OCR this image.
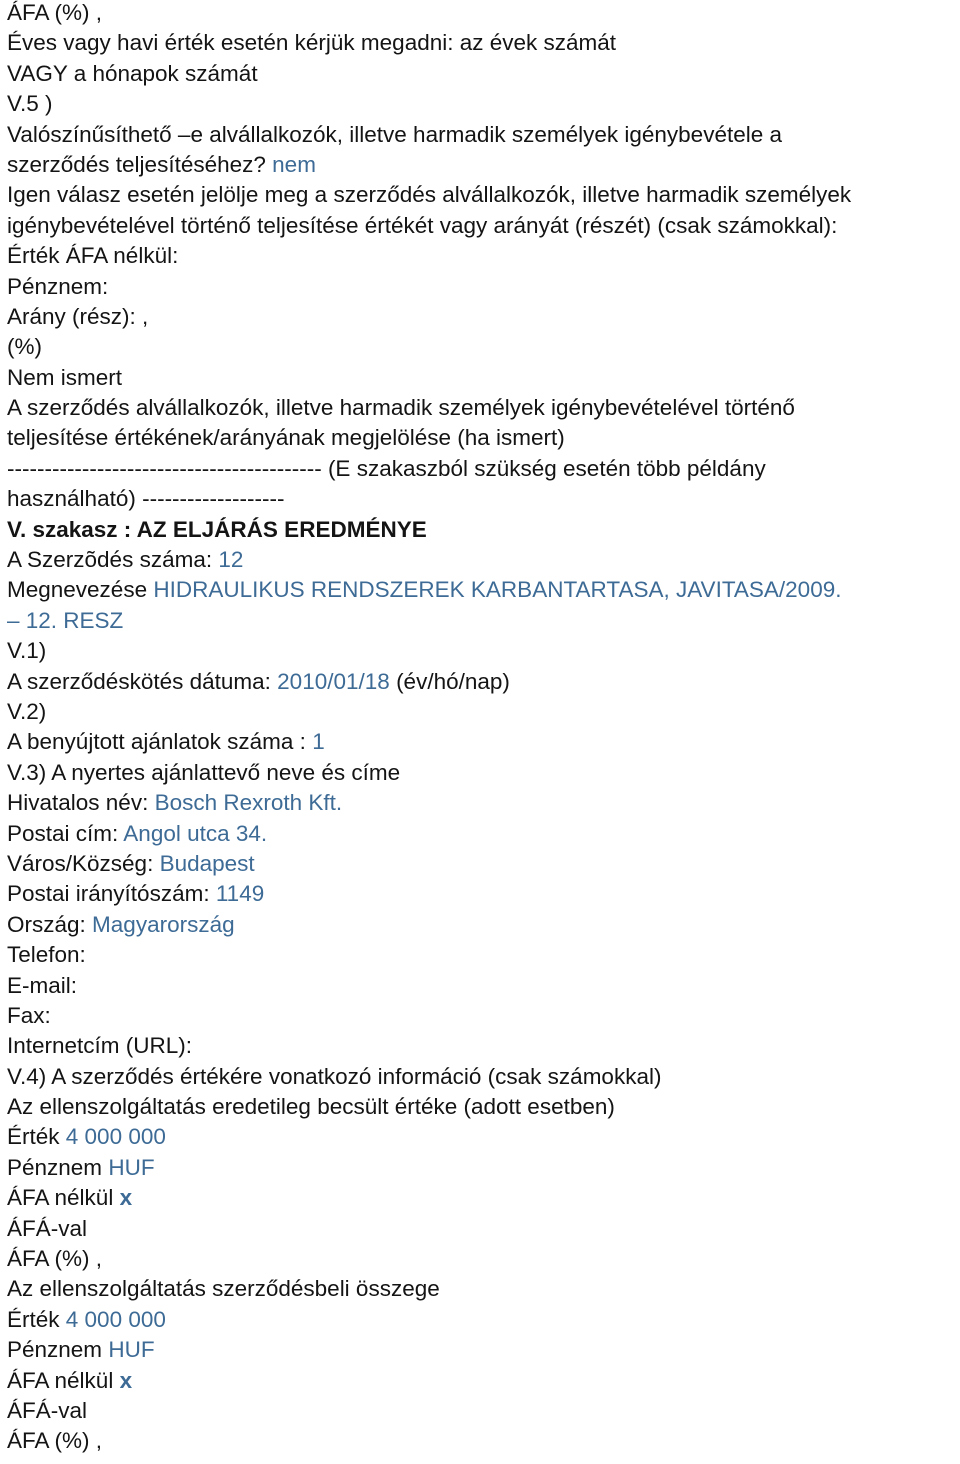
ÁFA (%) ,
Éves vagy havi érték esetén kérjük megadni: az évek számát
VAGY a hónapok számát
V.5 )
Valószínűsíthető –e alvállalkozók, illetve harmadik személyek igénybevétele a
szerződés teljesítéséhez? nem
Igen válasz esetén jelölje meg a szerződés alvállalkozók, illetve harmadik személyek
igénybevételével történő teljesítése értékét vagy arányát (részét) (csak számokkal):
Érték ÁFA nélkül:
Pénznem:
Arány (rész): ,
(%)
Nem ismert
A szerződés alvállalkozók, illetve harmadik személyek igénybevételével történő
teljesítése értékének/arányának megjelölése (ha ismert)
------------------------------------------ (E szakaszból szükség esetén több példány
használható) -------------------
V. szakasz : AZ ELJÁRÁS EREDMÉNYE
A Szerzõdés száma: 12
Megnevezése HIDRAULIKUS RENDSZEREK KARBANTARTASA, JAVITASA/2009.
– 12. RESZ
V.1)
A szerződéskötés dátuma: 2010/01/18 (év/hó/nap)
V.2)
A benyújtott ajánlatok száma : 1
V.3) A nyertes ajánlattevő neve és címe
Hivatalos név: Bosch Rexroth Kft.
Postai cím: Angol utca 34.
Város/Község: Budapest
Postai irányítószám: 1149
Ország: Magyarország
Telefon:
E-mail:
Fax:
Internetcím (URL):
V.4) A szerződés értékére vonatkozó információ (csak számokkal)
Az ellenszolgáltatás eredetileg becsült értéke (adott esetben)
Érték 4 000 000
Pénznem HUF
ÁFA nélkül x
ÁFÁ-val
ÁFA (%) ,
Az ellenszolgáltatás szerződésbeli összege
Érték 4 000 000
Pénznem HUF
ÁFA nélkül x
ÁFÁ-val
ÁFA (%) ,
